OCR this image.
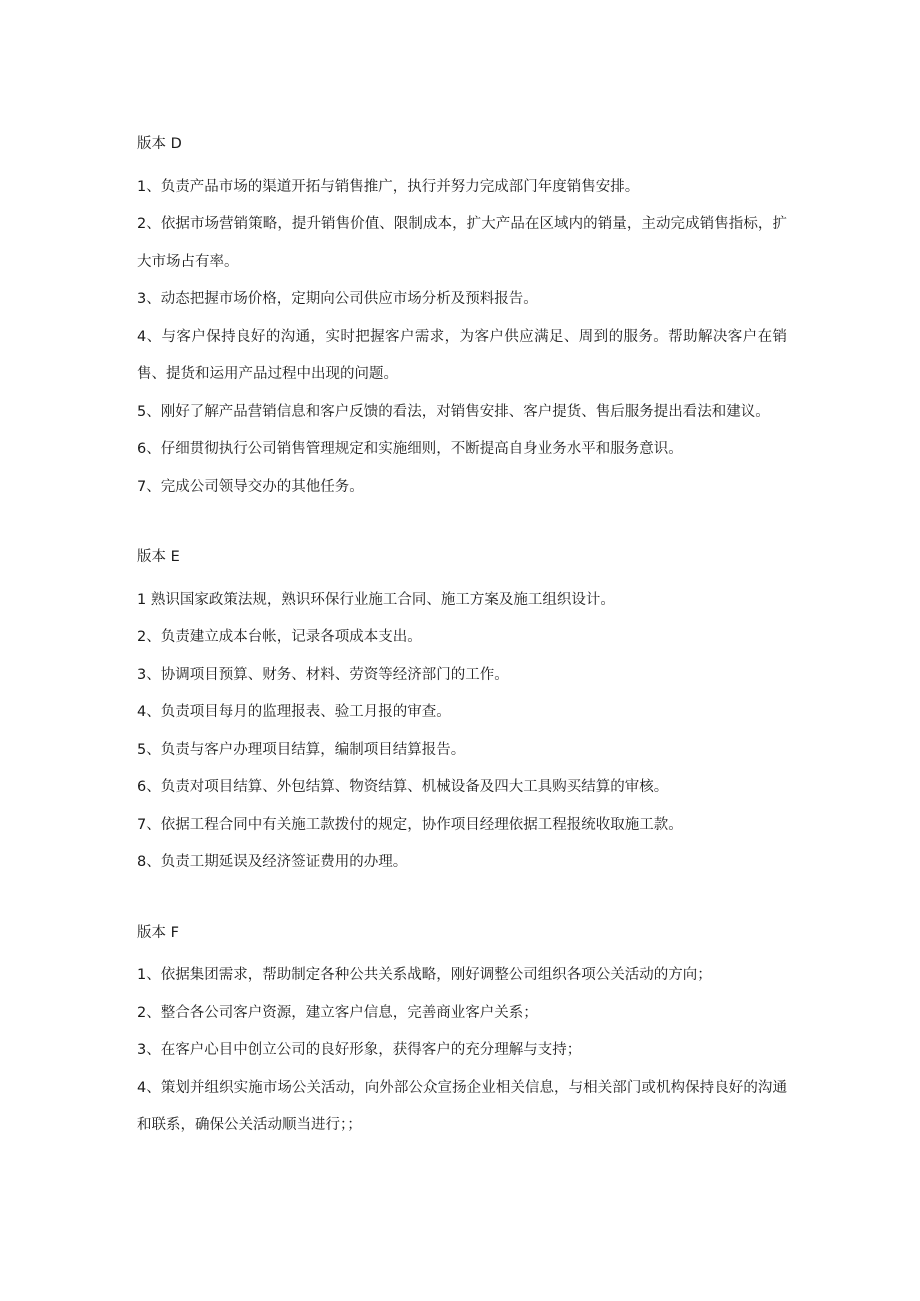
版本 D

1、负责产品市场的渠道开拓与销售推广，执行并努力完成部门年度销售安排。

2、依据市场营销策略，提升销售价值、限制成本，扩大产品在区域内的销量，主动完成销售指标，扩大市场占有率。

3、动态把握市场价格，定期向公司供应市场分析及预料报告。

4、与客户保持良好的沟通，实时把握客户需求，为客户供应满足、周到的服务。帮助解决客户在销售、提货和运用产品过程中出现的问题。

5、刚好了解产品营销信息和客户反馈的看法，对销售安排、客户提货、售后服务提出看法和建议。

6、仔细贯彻执行公司销售管理规定和实施细则，不断提高自身业务水平和服务意识。

7、完成公司领导交办的其他任务。

版本 E

1 熟识国家政策法规，熟识环保行业施工合同、施工方案及施工组织设计。

2、负责建立成本台帐，记录各项成本支出。

3、协调项目预算、财务、材料、劳资等经济部门的工作。

4、负责项目每月的监理报表、验工月报的审查。

5、负责与客户办理项目结算，编制项目结算报告。

6、负责对项目结算、外包结算、物资结算、机械设备及四大工具购买结算的审核。

7、依据工程合同中有关施工款拨付的规定，协作项目经理依据工程报统收取施工款。

8、负责工期延误及经济签证费用的办理。

版本 F

1、依据集团需求，帮助制定各种公共关系战略，刚好调整公司组织各项公关活动的方向；

2、整合各公司客户资源，建立客户信息，完善商业客户关系；

3、在客户心目中创立公司的良好形象，获得客户的充分理解与支持；

4、策划并组织实施市场公关活动，向外部公众宣扬企业相关信息，与相关部门或机构保持良好的沟通和联系，确保公关活动顺当进行；；
